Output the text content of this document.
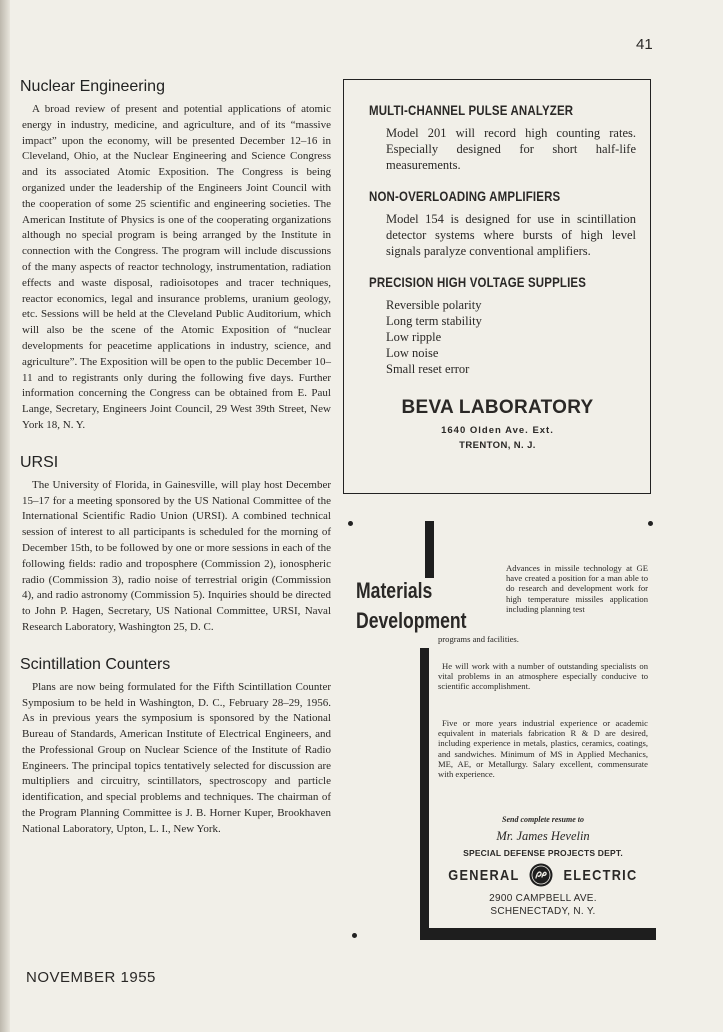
41
Nuclear Engineering

A broad review of present and potential applications of atomic energy in industry, medicine, and agriculture, and of its “massive impact” upon the economy, will be presented December 12–16 in Cleveland, Ohio, at the Nuclear Engineering and Science Congress and its associated Atomic Exposition. The Congress is being organized under the leadership of the Engineers Joint Council with the cooperation of some 25 scientific and engineering societies. The American Institute of Physics is one of the cooperating organizations although no special program is being arranged by the Institute in connection with the Congress. The program will include discussions of the many aspects of reactor technology, instrumentation, radiation effects and waste disposal, radioisotopes and tracer techniques, reactor economics, legal and insurance problems, uranium geology, etc. Sessions will be held at the Cleveland Public Auditorium, which will also be the scene of the Atomic Exposition of “nuclear developments for peacetime applications in industry, science, and agriculture”. The Exposition will be open to the public December 10–11 and to registrants only during the following five days. Further information concerning the Congress can be obtained from E. Paul Lange, Secretary, Engineers Joint Council, 29 West 39th Street, New York 18, N. Y.

URSI

The University of Florida, in Gainesville, will play host December 15–17 for a meeting sponsored by the US National Committee of the International Scientific Radio Union (URSI). A combined technical session of interest to all participants is scheduled for the morning of December 15th, to be followed by one or more sessions in each of the following fields: radio and troposphere (Commission 2), ionospheric radio (Commission 3), radio noise of terrestrial origin (Commission 4), and radio astronomy (Commission 5). Inquiries should be directed to John P. Hagen, Secretary, US National Committee, URSI, Naval Research Laboratory, Washington 25, D. C.

Scintillation Counters

Plans are now being formulated for the Fifth Scintillation Counter Symposium to be held in Washington, D. C., February 28–29, 1956. As in previous years the symposium is sponsored by the National Bureau of Standards, American Institute of Electrical Engineers, and the Professional Group on Nuclear Science of the Institute of Radio Engineers. The principal topics tentatively selected for discussion are multipliers and circuitry, scintillators, spectroscopy and particle identification, and special problems and techniques. The chairman of the Program Planning Committee is J. B. Horner Kuper, Brookhaven National Laboratory, Upton, L. I., New York.

NOVEMBER 1955

MULTI-CHANNEL PULSE ANALYZER

Model 201 will record high counting rates. Especially designed for short half-life measurements.

NON-OVERLOADING AMPLIFIERS

Model 154 is designed for use in scintillation detector systems where bursts of high level signals paralyze conventional amplifiers.

PRECISION HIGH VOLTAGE SUPPLIES

Reversible polarity
Long term stability
Low ripple
Low noise
Small reset error
BEVA LABORATORY
1640 Olden Ave. Ext.
TRENTON, N. J.
Materials
Development
Advances in missile technology at GE have created a position for a man able to do research and development work for high temperature missiles application including planning test
programs and facilities.
He will work with a number of outstanding specialists on vital problems in an atmosphere especially conducive to scientific accomplishment.
Five or more years industrial experience or academic equivalent in materials fabrication R & D are desired, including experience in metals, plastics, ceramics, coatings, and sandwiches. Minimum of MS in Applied Mechanics, ME, AE, or Metallurgy. Salary excellent, commensurate with experience.
Send complete resume to
Mr. James Hevelin
SPECIAL DEFENSE PROJECTS DEPT.
GENERAL	ELECTRIC
2900 CAMPBELL AVE.
SCHENECTADY, N. Y.
